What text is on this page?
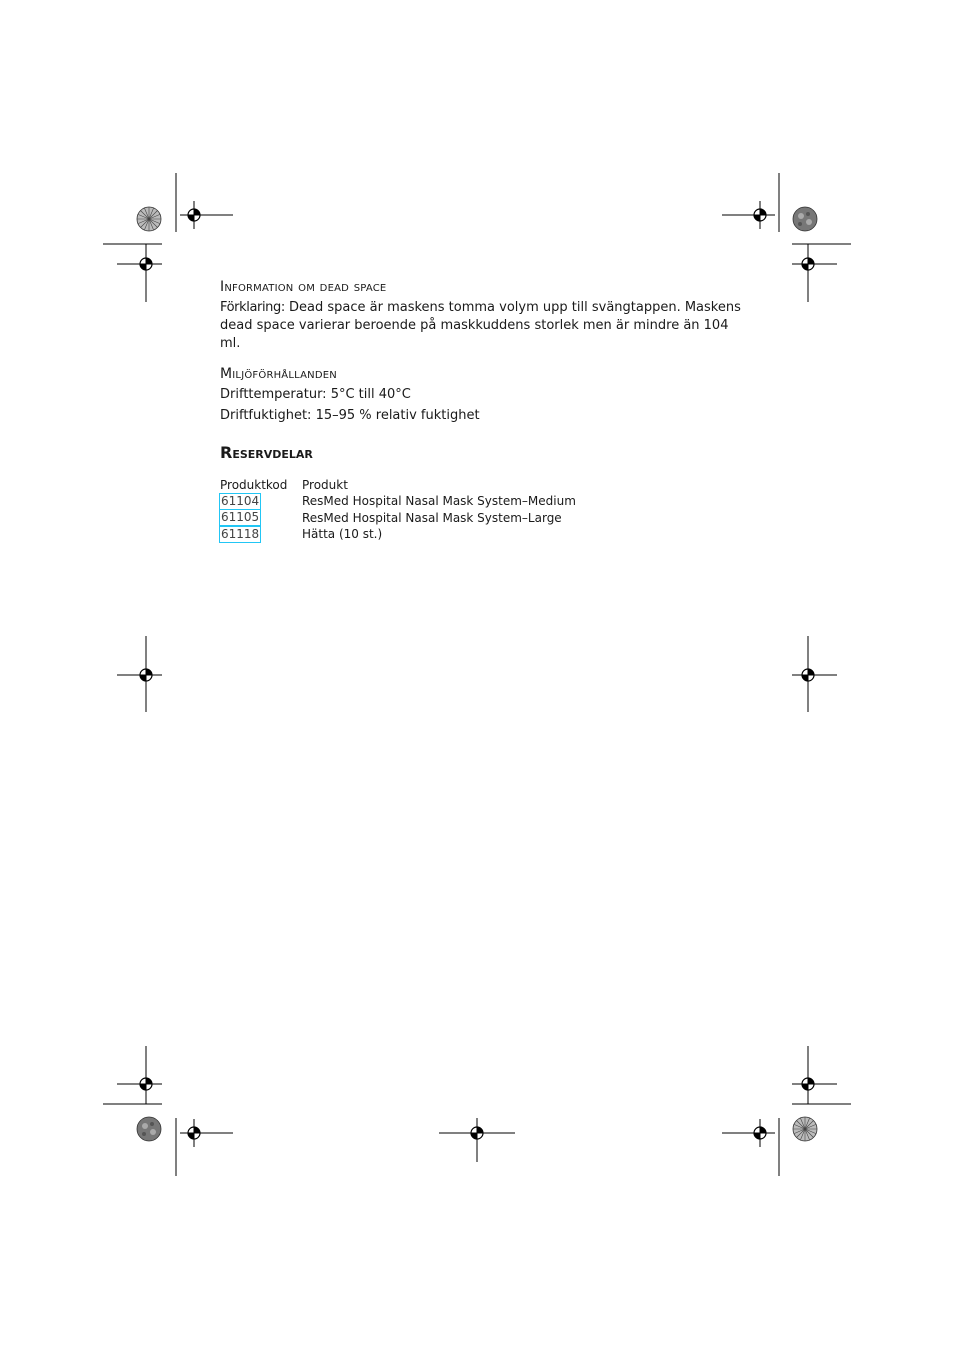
Information om dead space

Förklaring: Dead space är maskens tomma volym upp till svängtappen. Maskens dead space varierar beroende på maskkuddens storlek men är mindre än 104 ml.

Miljöförhållanden

Drifttemperatur: 5°C till 40°C

Driftfuktighet: 15–95 % relativ fuktighet

Reservdelar
Produktkod	Produkt
61104	ResMed Hospital Nasal Mask System–Medium
61105	ResMed Hospital Nasal Mask System–Large
61118	Hätta (10 st.)
